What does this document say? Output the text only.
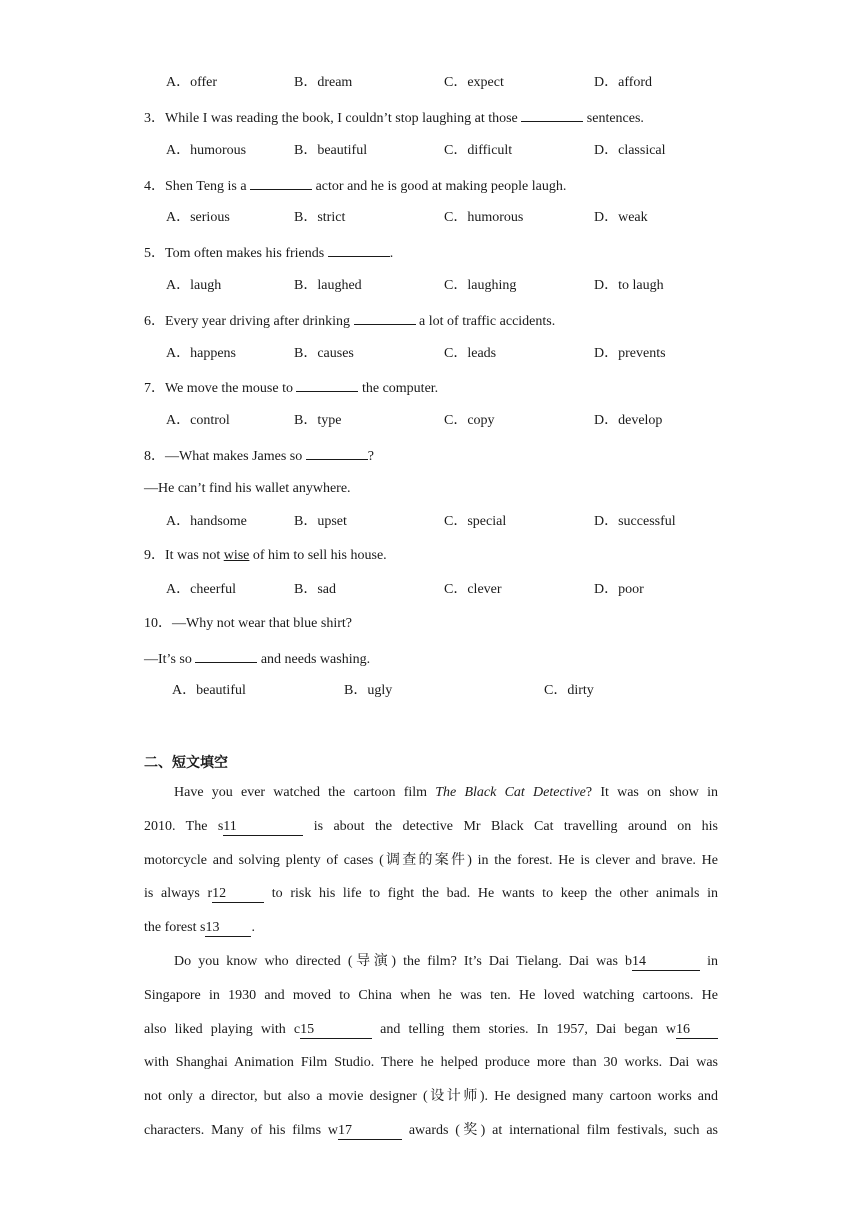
A．offer	B．dream	C．expect	D．afford
3．While I was reading the book, I couldn’t stop laughing at those	sentences.
A．humorous	B．beautiful	C．difficult	D．classical
4．Shen Teng is a	actor and he is good at making people laugh.
A．serious	B．strict	C．humorous	D．weak
5．Tom often makes his friends	.
A．laugh	B．laughed	C．laughing	D．to laugh
6．Every year driving after drinking	a lot of traffic accidents.
A．happens	B．causes	C．leads	D．prevents
7．We move the mouse to	the computer.
A．control	B．type	C．copy	D．develop
8．—What makes James so	?
—He can’t find his wallet anywhere.
A．handsome	B．upset	C．special	D．successful
9．It was not wise of him to sell his house.
A．cheerful	B．sad	C．clever	D．poor
10．—Why not wear that blue shirt?
—It’s so	and needs washing.
A．beautiful	B．ugly	C．dirty
二、短文填空
Have you ever watched the cartoon film The Black Cat Detective? It was on show in
2010. The s11	is about the detective Mr Black Cat travelling around on his
motorcycle and solving plenty of cases (调查的案件) in the forest. He is clever and brave. He
is always r12	to risk his life to fight the bad. He wants to keep the other animals in
the forest s13 .
Do you know who directed (导演) the film? It’s Dai Tielang. Dai was b14	in
Singapore in 1930 and moved to China when he was ten. He loved watching cartoons. He
also liked playing with c15	and telling them stories. In 1957, Dai began w16
with Shanghai Animation Film Studio. There he helped produce more than 30 works. Dai was
not only a director, but also a movie designer (设计师). He designed many cartoon works and
characters. Many of his films w17	awards (奖) at international film festivals, such as
